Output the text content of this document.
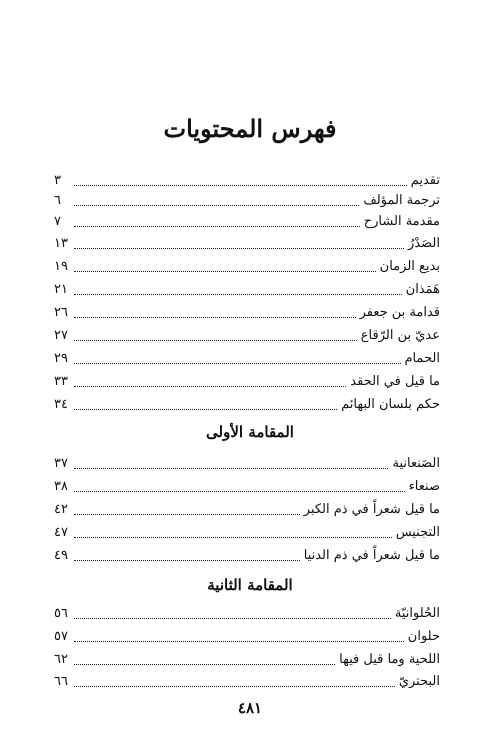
فهرس المحتويات
تقديم
٣
ترجمة المؤلف
٦
مقدمة الشارح
٧
الصَدْرُ
١٣
بديع الزمان
١٩
هَمَذان
٢١
قدامة بن جعفر
٢٦
عديّ بن الرّقاع
٢٧
الحمام
٢٩
ما قيل في الحقد
٣٣
حكم بلسان البهائم
٣٤
المقامة الأولى
الصَنعانية
٣٧
صنعاء
٣٨
ما قيل شعراً في ذم الكبر
٤٢
التجنيس
٤٧
ما قيل شعراً في ذم الدنيا
٤٩
المقامة الثانية
الحُلوانيّة
٥٦
حلوان
٥٧
اللحية وما قيل فيها
٦٢
البحتريّ
٦٦
٤٨١
